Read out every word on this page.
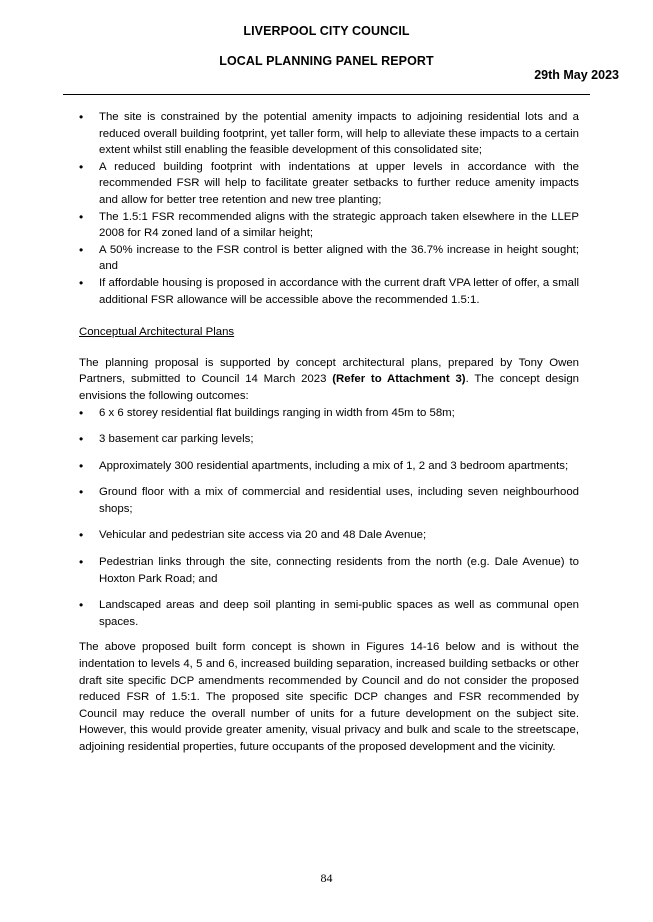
LIVERPOOL CITY COUNCIL
LOCAL PLANNING PANEL REPORT
29th May 2023
• The site is constrained by the potential amenity impacts to adjoining residential lots and a reduced overall building footprint, yet taller form, will help to alleviate these impacts to a certain extent whilst still enabling the feasible development of this consolidated site;
• A reduced building footprint with indentations at upper levels in accordance with the recommended FSR will help to facilitate greater setbacks to further reduce amenity impacts and allow for better tree retention and new tree planting;
• The 1.5:1 FSR recommended aligns with the strategic approach taken elsewhere in the LLEP 2008 for R4 zoned land of a similar height;
• A 50% increase to the FSR control is better aligned with the 36.7% increase in height sought; and
• If affordable housing is proposed in accordance with the current draft VPA letter of offer, a small additional FSR allowance will be accessible above the recommended 1.5:1.
Conceptual Architectural Plans
The planning proposal is supported by concept architectural plans, prepared by Tony Owen Partners, submitted to Council 14 March 2023 (Refer to Attachment 3). The concept design envisions the following outcomes:
• 6 x 6 storey residential flat buildings ranging in width from 45m to 58m;
• 3 basement car parking levels;
• Approximately 300 residential apartments, including a mix of 1, 2 and 3 bedroom apartments;
• Ground floor with a mix of commercial and residential uses, including seven neighbourhood shops;
• Vehicular and pedestrian site access via 20 and 48 Dale Avenue;
• Pedestrian links through the site, connecting residents from the north (e.g. Dale Avenue) to Hoxton Park Road; and
• Landscaped areas and deep soil planting in semi-public spaces as well as communal open spaces.
The above proposed built form concept is shown in Figures 14-16 below and is without the indentation to levels 4, 5 and 6, increased building separation, increased building setbacks or other draft site specific DCP amendments recommended by Council and do not consider the proposed reduced FSR of 1.5:1. The proposed site specific DCP changes and FSR recommended by Council may reduce the overall number of units for a future development on the subject site. However, this would provide greater amenity, visual privacy and bulk and scale to the streetscape, adjoining residential properties, future occupants of the proposed development and the vicinity.
84
